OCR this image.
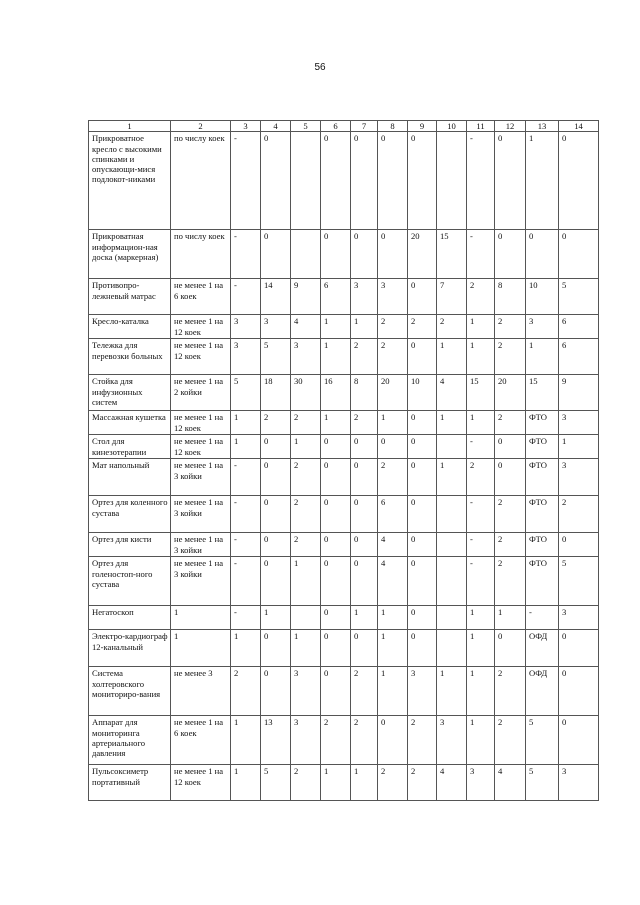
56
1	2	3	4	5	6	7	8	9	10	11	12	13	14
Прикроватное кресло с высокими спинками и опускающи-мися подлокот-никами	по числу коек	-	0		0	0	0	0		-	0	1	0
Прикроватная информацион-ная доска (маркерная)	по числу коек	-	0		0	0	0	20	15	-	0	0	0
Противопро-лежневый матрас	не менее 1 на 6 коек	-	14	9	6	3	3	0	7	2	8	10	5
Кресло-каталка	не менее 1 на 12 коек	3	3	4	1	1	2	2	2	1	2	3	6
Тележка для перевозки больных	не менее 1 на 12 коек	3	5	3	1	2	2	0	1	1	2	1	6
Стойка для инфузионных систем	не менее 1 на 2 койки	5	18	30	16	8	20	10	4	15	20	15	9
Массажная кушетка	не менее 1 на 12 коек	1	2	2	1	2	1	0	1	1	2	ФТО	3
Стол для кинезотерапии	не менее 1 на 12 коек	1	0	1	0	0	0	0		-	0	ФТО	1
Мат напольный	не менее 1 на 3 койки	-	0	2	0	0	2	0	1	2	0	ФТО	3
Ортез для коленного сустава	не менее 1 на 3 койки	-	0	2	0	0	6	0		-	2	ФТО	2
Ортез для кисти	не менее 1 на 3 койки	-	0	2	0	0	4	0		-	2	ФТО	0
Ортез для голеностоп-ного сустава	не менее 1 на 3 койки	-	0	1	0	0	4	0		-	2	ФТО	5
Негатоскоп	1	-	1		0	1	1	0		1	1	-	3
Электро-кардиограф 12-канальный	1	1	0	1	0	0	1	0		1	0	ОФД	0
Система холтеровского мониториро-вания	не менее 3	2	0	3	0	2	1	3	1	1	2	ОФД	0
Аппарат для мониторинга артериального давления	не менее 1 на 6 коек	1	13	3	2	2	0	2	3	1	2	5	0
Пульсоксиметр портативный	не менее 1 на 12 коек	1	5	2	1	1	2	2	4	3	4	5	3
